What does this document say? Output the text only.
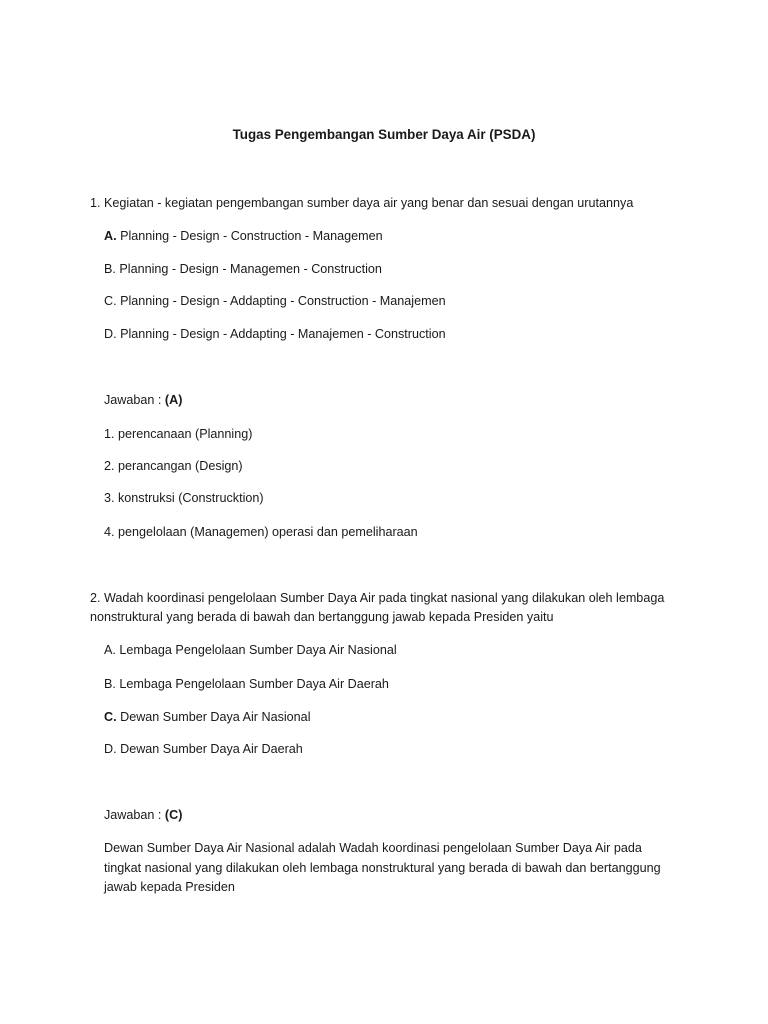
Tugas Pengembangan Sumber Daya Air (PSDA)
1. Kegiatan - kegiatan pengembangan sumber daya air yang benar dan sesuai dengan urutannya
A. Planning - Design - Construction - Managemen
B. Planning - Design - Managemen - Construction
C. Planning - Design - Addapting - Construction - Manajemen
D. Planning - Design - Addapting - Manajemen - Construction
Jawaban : (A)
1. perencanaan (Planning)
2. perancangan (Design)
3. konstruksi (Construcktion)
4. pengelolaan (Managemen) operasi dan pemeliharaan
2. Wadah koordinasi pengelolaan Sumber Daya Air pada tingkat nasional yang dilakukan oleh lembaga
nonstruktural yang berada di bawah dan bertanggung jawab kepada Presiden yaitu
A. Lembaga Pengelolaan Sumber Daya Air Nasional
B. Lembaga Pengelolaan Sumber Daya Air Daerah
C. Dewan Sumber Daya Air Nasional
D. Dewan Sumber Daya Air Daerah
Jawaban : (C)
Dewan Sumber Daya Air Nasional adalah Wadah koordinasi pengelolaan Sumber Daya Air pada
tingkat nasional yang dilakukan oleh lembaga nonstruktural yang berada di bawah dan bertanggung
jawab kepada Presiden
